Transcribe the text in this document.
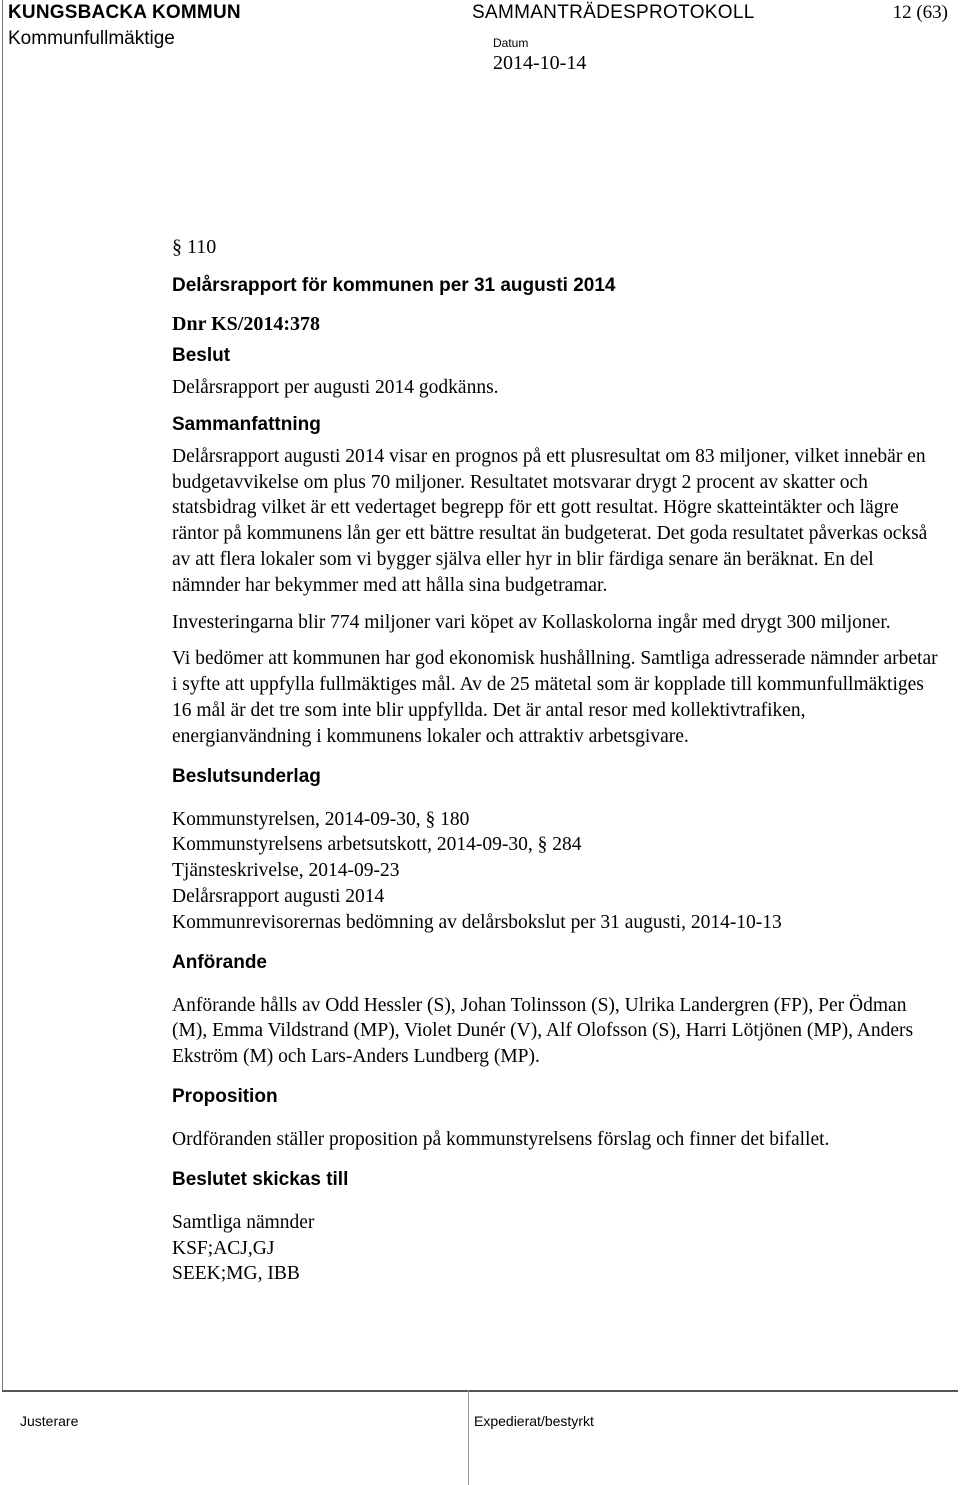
KUNGSBACKA KOMMUN
Kommunfullmäktige
SAMMANTRÄDESPROTOKOLL	12 (63)
Datum
2014-10-14

§ 110

Delårsrapport för kommunen per 31 augusti 2014

Dnr KS/2014:378

Beslut

Delårsrapport per augusti 2014 godkänns.

Sammanfattning

Delårsrapport augusti 2014 visar en prognos på ett plusresultat om 83 miljoner, vilket innebär en budgetavvikelse om plus 70 miljoner. Resultatet motsvarar drygt 2 procent av skatter och statsbidrag vilket är ett vedertaget begrepp för ett gott resultat. Högre skatteintäkter och lägre räntor på kommunens lån ger ett bättre resultat än budgeterat. Det goda resultatet påverkas också av att flera lokaler som vi bygger själva eller hyr in blir färdiga senare än beräknat. En del nämnder har bekymmer med att hålla sina budgetramar.

Investeringarna blir 774 miljoner vari köpet av Kollaskolorna ingår med drygt 300 miljoner.

Vi bedömer att kommunen har god ekonomisk hushållning. Samtliga adresserade nämnder arbetar i syfte att uppfylla fullmäktiges mål. Av de 25 mätetal som är kopplade till kommunfullmäktiges 16 mål är det tre som inte blir uppfyllda. Det är antal resor med kollektivtrafiken, energianvändning i kommunens lokaler och attraktiv arbetsgivare.

Beslutsunderlag

Kommunstyrelsen, 2014-09-30, § 180

Kommunstyrelsens arbetsutskott, 2014-09-30, § 284

Tjänsteskrivelse, 2014-09-23

Delårsrapport augusti 2014

Kommunrevisorernas bedömning av delårsbokslut per 31 augusti, 2014-10-13

Anförande

Anförande hålls av Odd Hessler (S), Johan Tolinsson (S), Ulrika Landergren (FP), Per Ödman (M), Emma Vildstrand (MP), Violet Dunér (V), Alf Olofsson (S), Harri Lötjönen (MP), Anders Ekström (M) och Lars-Anders Lundberg (MP).

Proposition

Ordföranden ställer proposition på kommunstyrelsens förslag och finner det bifallet.

Beslutet skickas till

Samtliga nämnder

KSF;ACJ,GJ

SEEK;MG, IBB

Justerare	Expedierat/bestyrkt
